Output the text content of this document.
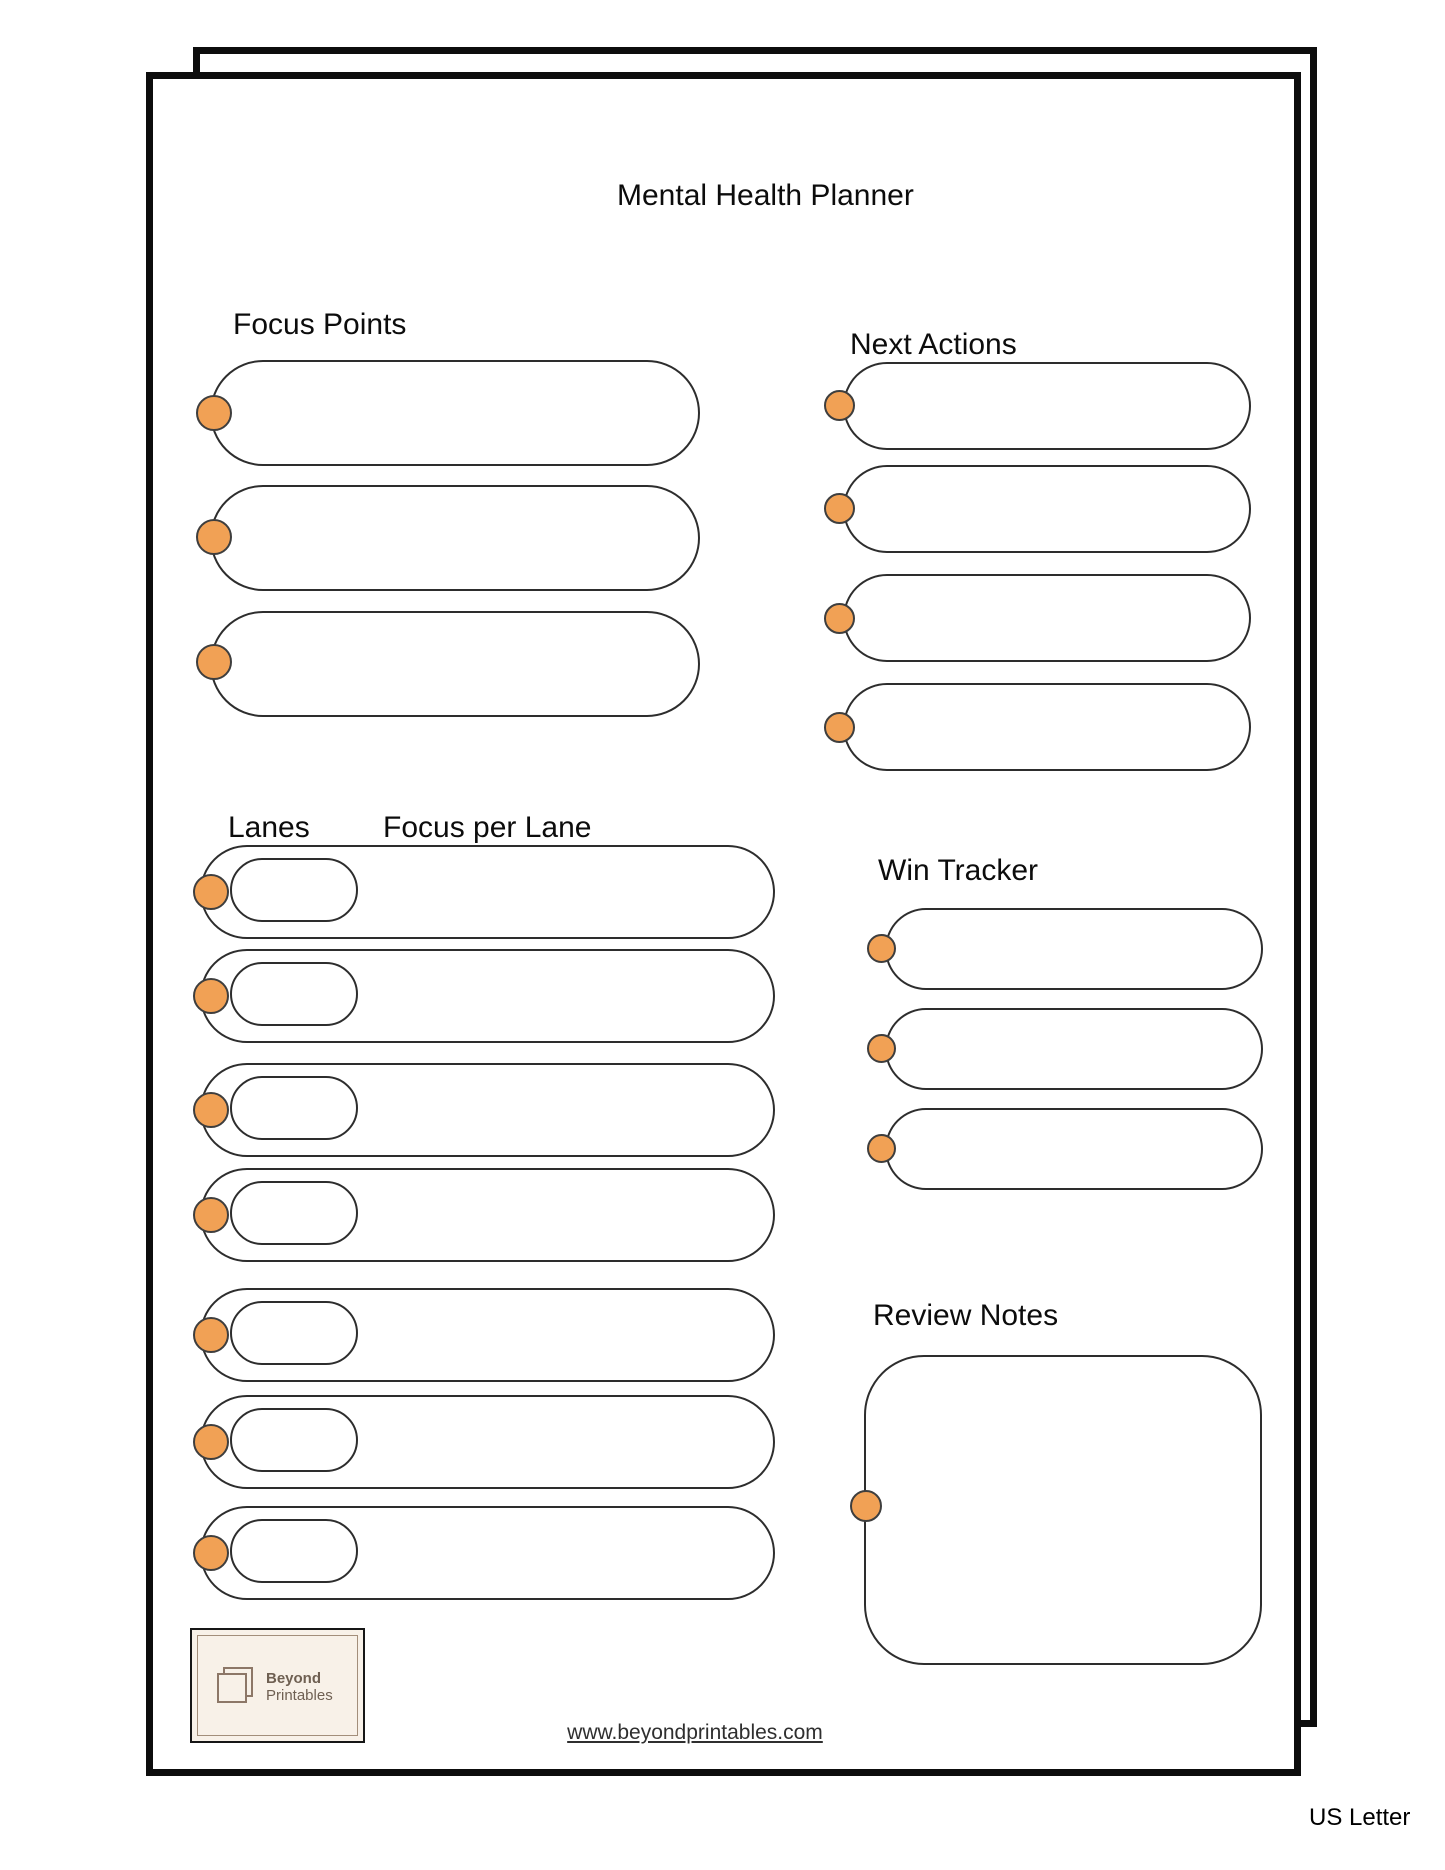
Mental Health Planner
Focus Points
Next Actions
Lanes Focus per Lane
Win Tracker
Review Notes
Beyond
Printables
www.beyondprintables.com
US Letter
